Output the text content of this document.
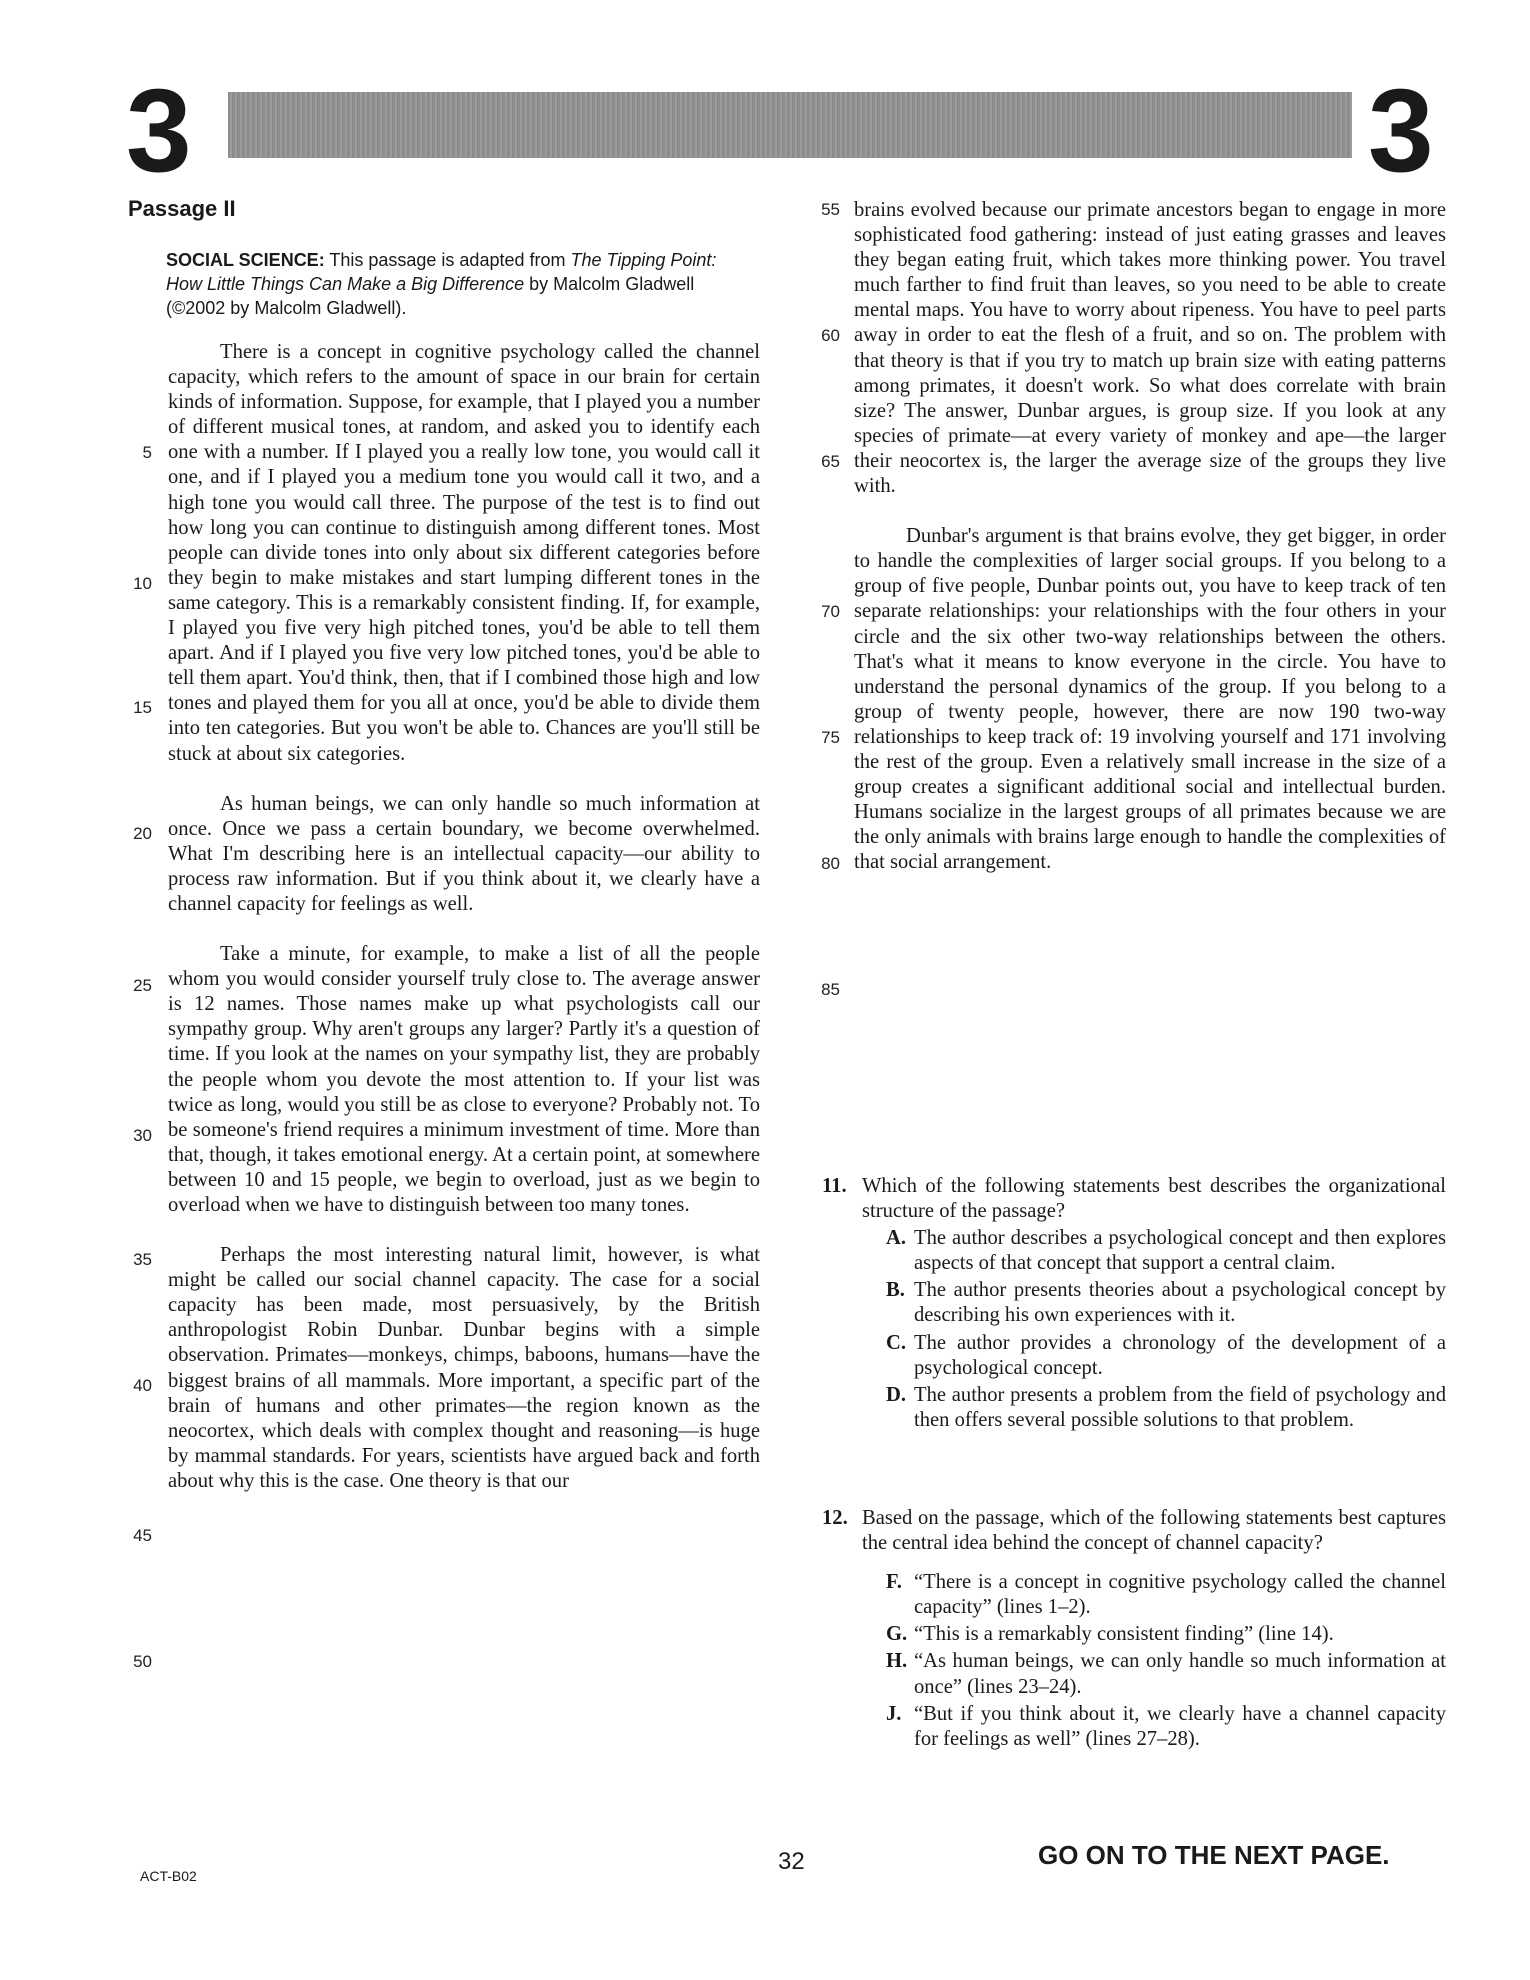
3	3
Passage II
SOCIAL SCIENCE: This passage is adapted from The Tipping Point: How Little Things Can Make a Big Difference by Malcolm Gladwell (©2002 by Malcolm Gladwell).

There is a concept in cognitive psychology called the channel capacity, which refers to the amount of space in our brain for certain kinds of information. Suppose, for example, that I played you a number of different musical tones, at random, and asked you to identify each one with a number. If I played you a really low tone, you would call it one, and if I played you a medium tone you would call it two, and a high tone you would call three. The purpose of the test is to find out how long you can continue to distinguish among different tones. Most people can divide tones into only about six different categories before they begin to make mistakes and start lumping different tones in the same category. This is a remarkably consistent finding. If, for example, I played you five very high pitched tones, you'd be able to tell them apart. And if I played you five very low pitched tones, you'd be able to tell them apart. You'd think, then, that if I combined those high and low tones and played them for you all at once, you'd be able to divide them into ten categories. But you won't be able to. Chances are you'll still be stuck at about six categories.

As human beings, we can only handle so much information at once. Once we pass a certain boundary, we become overwhelmed. What I'm describing here is an intellectual capacity—our ability to process raw information. But if you think about it, we clearly have a channel capacity for feelings as well.

Take a minute, for example, to make a list of all the people whom you would consider yourself truly close to. The average answer is 12 names. Those names make up what psychologists call our sympathy group. Why aren't groups any larger? Partly it's a question of time. If you look at the names on your sympathy list, they are probably the people whom you devote the most attention to. If your list was twice as long, would you still be as close to everyone? Probably not. To be someone's friend requires a minimum investment of time. More than that, though, it takes emotional energy. At a certain point, at somewhere between 10 and 15 people, we begin to overload, just as we begin to overload when we have to distinguish between too many tones.

Perhaps the most interesting natural limit, however, is what might be called our social channel capacity. The case for a social capacity has been made, most persuasively, by the British anthropologist Robin Dunbar. Dunbar begins with a simple observation. Primates—monkeys, chimps, baboons, humans—have the biggest brains of all mammals. More important, a specific part of the brain of humans and other primates—the region known as the neocortex, which deals with complex thought and reasoning—is huge by mammal standards. For years, scientists have argued back and forth about why this is the case. One theory is that our

brains evolved because our primate ancestors began to engage in more sophisticated food gathering: instead of just eating grasses and leaves they began eating fruit, which takes more thinking power. You travel much farther to find fruit than leaves, so you need to be able to create mental maps. You have to worry about ripeness. You have to peel parts away in order to eat the flesh of a fruit, and so on. The problem with that theory is that if you try to match up brain size with eating patterns among primates, it doesn't work. So what does correlate with brain size? The answer, Dunbar argues, is group size. If you look at any species of primate—at every variety of monkey and ape—the larger their neocortex is, the larger the average size of the groups they live with.

Dunbar's argument is that brains evolve, they get bigger, in order to handle the complexities of larger social groups. If you belong to a group of five people, Dunbar points out, you have to keep track of ten separate relationships: your relationships with the four others in your circle and the six other two-way relationships between the others. That's what it means to know everyone in the circle. You have to understand the personal dynamics of the group. If you belong to a group of twenty people, however, there are now 190 two-way relationships to keep track of: 19 involving yourself and 171 involving the rest of the group. Even a relatively small increase in the size of a group creates a significant additional social and intellectual burden. Humans socialize in the largest groups of all primates because we are the only animals with brains large enough to handle the complexities of that social arrangement.

5
10
15
20
25
30
35
40
45
50
55
60
65
70
75
80
85
11. Which of the following statements best describes the organizational structure of the passage?
A. The author describes a psychological concept and then explores aspects of that concept that support a central claim.
B. The author presents theories about a psychological concept by describing his own experiences with it.
C. The author provides a chronology of the development of a psychological concept.
D. The author presents a problem from the field of psychology and then offers several possible solutions to that problem.
12. Based on the passage, which of the following statements best captures the central idea behind the concept of channel capacity?
F. “There is a concept in cognitive psychology called the channel capacity” (lines 1–2).
G. “This is a remarkably consistent finding” (line 14).
H. “As human beings, we can only handle so much information at once” (lines 23–24).
J. “But if you think about it, we clearly have a channel capacity for feelings as well” (lines 27–28).
ACT-B02
32	GO ON TO THE NEXT PAGE.
